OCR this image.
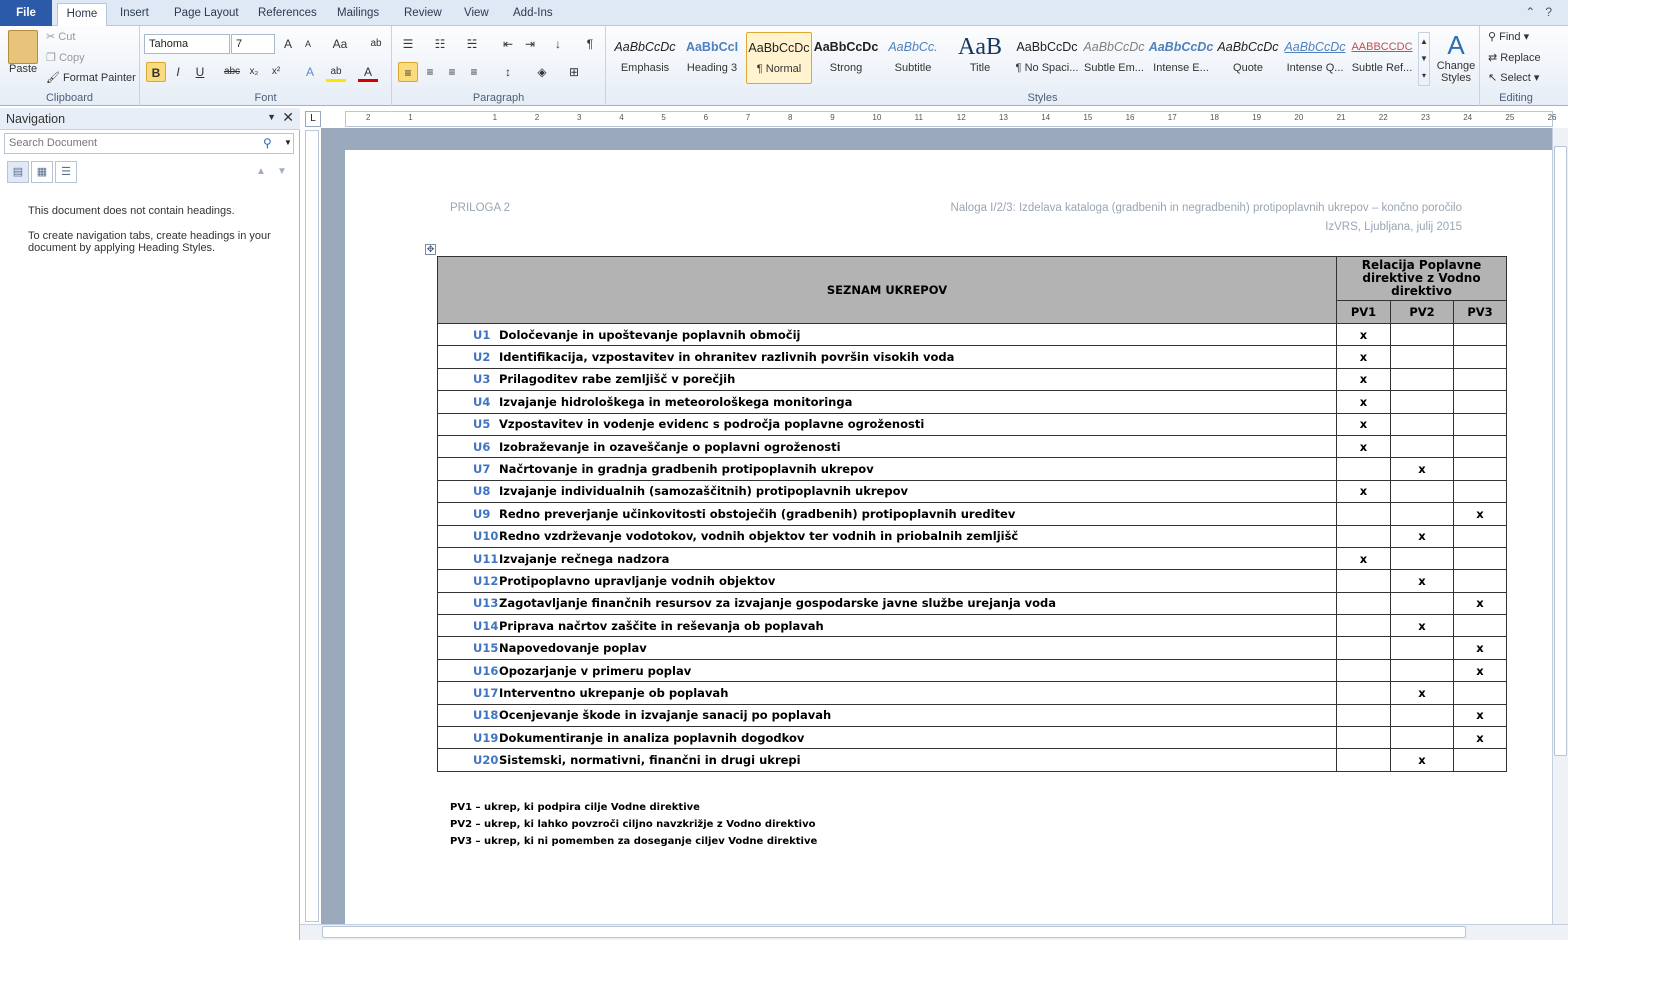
File	Home	Insert	Page Layout	References	Mailings	Review	View	Add-Ins	⌃?
Paste
✂ Cut
❐ Copy
🖌 Format Painter
Clipboard
Tahoma	7	A	A	Aa	ab
B	I	U	abc x₂	x²	A	ab	A
Font
☰	☷	☵	⇤ ⇥	↓	¶
≡	≡	≡	≡	↕	◈	⊞
Paragraph
AaBbCcDc
Emphasis
AaBbCcI
Heading 3
AaBbCcDc
¶ Normal
AaBbCcDc
Strong
AaBbCc.
Subtitle
AaB
Title
AaBbCcDc
¶ No Spaci...
AaBbCcDc
Subtle Em...
AaBbCcDc
Intense E...
AaBbCcDc
Quote
AaBbCcDc
Intense Q...
AABBCCDC
Subtle Ref...
▲
▼
▾
A
Change Styles
Styles
⚲ Find ▾
⇄ Replace
↖ Select ▾
Editing
Navigation	▼ ✕
Search Document	⚲ ▼
▤ ▦ ☰	▲ ▼
This document does not contain headings.
To create navigation tabs, create headings in your document by applying Heading Styles.
L	2	1	1	2	3	4	5	6	7	8	9	10	11	12	13	14	15	16	17	18	19	20	21	22	23	24	25	26
PRILOGA 2	Naloga I/2/3: Izdelava kataloga (gradbenih in negradbenih) protipoplavnih ukrepov – končno poročilo
IzVRS, Ljubljana, julij 2015
✥
SEZNAM UKREPOV	Relacija Poplavne direktive z Vodno direktivo		
	PV1	PV2	PV3
U1 Določevanje in upoštevanje poplavnih območij	x		
U2 Identifikacija, vzpostavitev in ohranitev razlivnih površin visokih voda	x		
U3 Prilagoditev rabe zemljišč v porečjih	x		
U4 Izvajanje hidrološkega in meteorološkega monitoringa	x		
U5 Vzpostavitev in vodenje evidenc s področja poplavne ogroženosti	x		
U6 Izobraževanje in ozaveščanje o poplavni ogroženosti	x		
U7 Načrtovanje in gradnja gradbenih protipoplavnih ukrepov		x	
U8 Izvajanje individualnih (samozaščitnih) protipoplavnih ukrepov	x		
U9 Redno preverjanje učinkovitosti obstoječih (gradbenih) protipoplavnih ureditev			x
U10Redno vzdrževanje vodotokov, vodnih objektov ter vodnih in priobalnih zemljišč		x	
U11Izvajanje rečnega nadzora	x		
U12Protipoplavno upravljanje vodnih objektov		x	
U13Zagotavljanje finančnih resursov za izvajanje gospodarske javne službe urejanja voda			x
U14Priprava načrtov zaščite in reševanja ob poplavah		x	
U15Napovedovanje poplav			x
U16Opozarjanje v primeru poplav			x
U17Interventno ukrepanje ob poplavah		x	
U18Ocenjevanje škode in izvajanje sanacij po poplavah			x
U19Dokumentiranje in analiza poplavnih dogodkov			x
U20Sistemski, normativni, finančni in drugi ukrepi		x	
PV1 – ukrep, ki podpira cilje Vodne direktive
PV2 – ukrep, ki lahko povzroči ciljno navzkrižje z Vodno direktivo
PV3 – ukrep, ki ni pomemben za doseganje ciljev Vodne direktive
